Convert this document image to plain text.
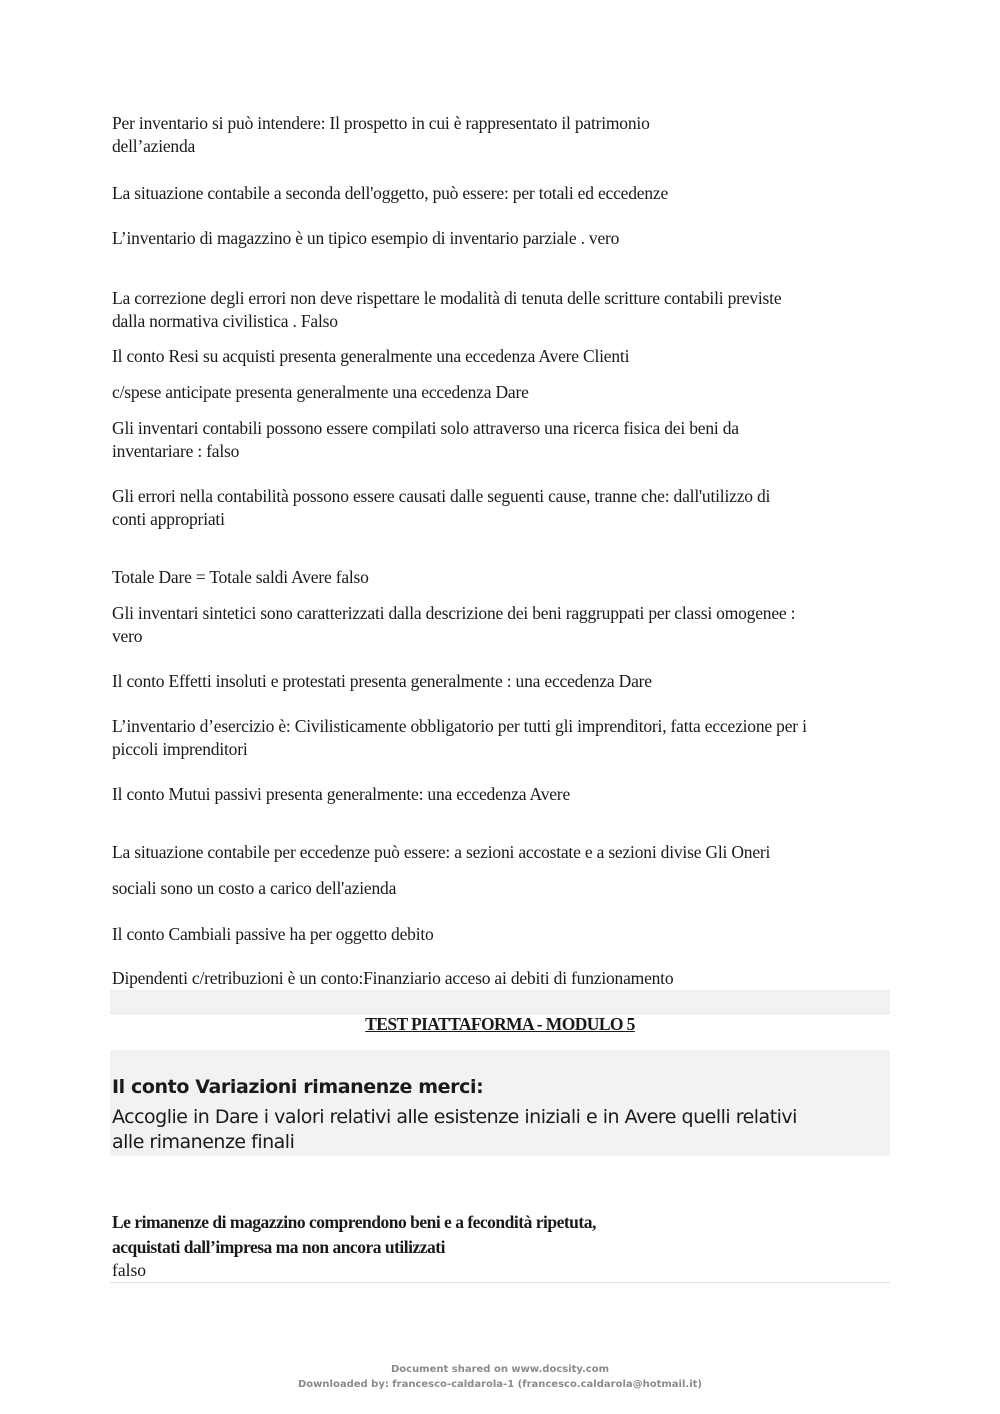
Per inventario si può intendere: Il prospetto in cui è rappresentato il patrimonio
dell’azienda

La situazione contabile a seconda dell'oggetto, può essere: per totali ed eccedenze

L’inventario di magazzino è un tipico esempio di inventario parziale . vero

La correzione degli errori non deve rispettare le modalità di tenuta delle scritture contabili previste
dalla normativa civilistica . Falso

Il conto Resi su acquisti presenta generalmente una eccedenza Avere Clienti

c/spese anticipate presenta generalmente una eccedenza Dare

Gli inventari contabili possono essere compilati solo attraverso una ricerca fisica dei beni da
inventariare : falso

Gli errori nella contabilità possono essere causati dalle seguenti cause, tranne che: dall'utilizzo di
conti appropriati

Totale Dare = Totale saldi Avere falso

Gli inventari sintetici sono caratterizzati dalla descrizione dei beni raggruppati per classi omogenee :
vero

Il conto Effetti insoluti e protestati presenta generalmente : una eccedenza Dare

L’inventario d’esercizio è: Civilisticamente obbligatorio per tutti gli imprenditori, fatta eccezione per i
piccoli imprenditori

Il conto Mutui passivi presenta generalmente: una eccedenza Avere

La situazione contabile per eccedenze può essere: a sezioni accostate e a sezioni divise Gli Oneri

sociali sono un costo a carico dell'azienda

Il conto Cambiali passive ha per oggetto debito

Dipendenti c/retribuzioni è un conto:Finanziario acceso ai debiti di funzionamento

TEST PIATTAFORMA - MODULO 5
Il conto Variazioni rimanenze merci:
Accoglie in Dare i valori relativi alle esistenze iniziali e in Avere quelli relativi
alle rimanenze finali
Le rimanenze di magazzino comprendono beni e a fecondità ripetuta,
acquistati dall’impresa ma non ancora utilizzati
falso
Document shared on www.docsity.com
Downloaded by: francesco-caldarola-1 (francesco.caldarola@hotmail.it)
